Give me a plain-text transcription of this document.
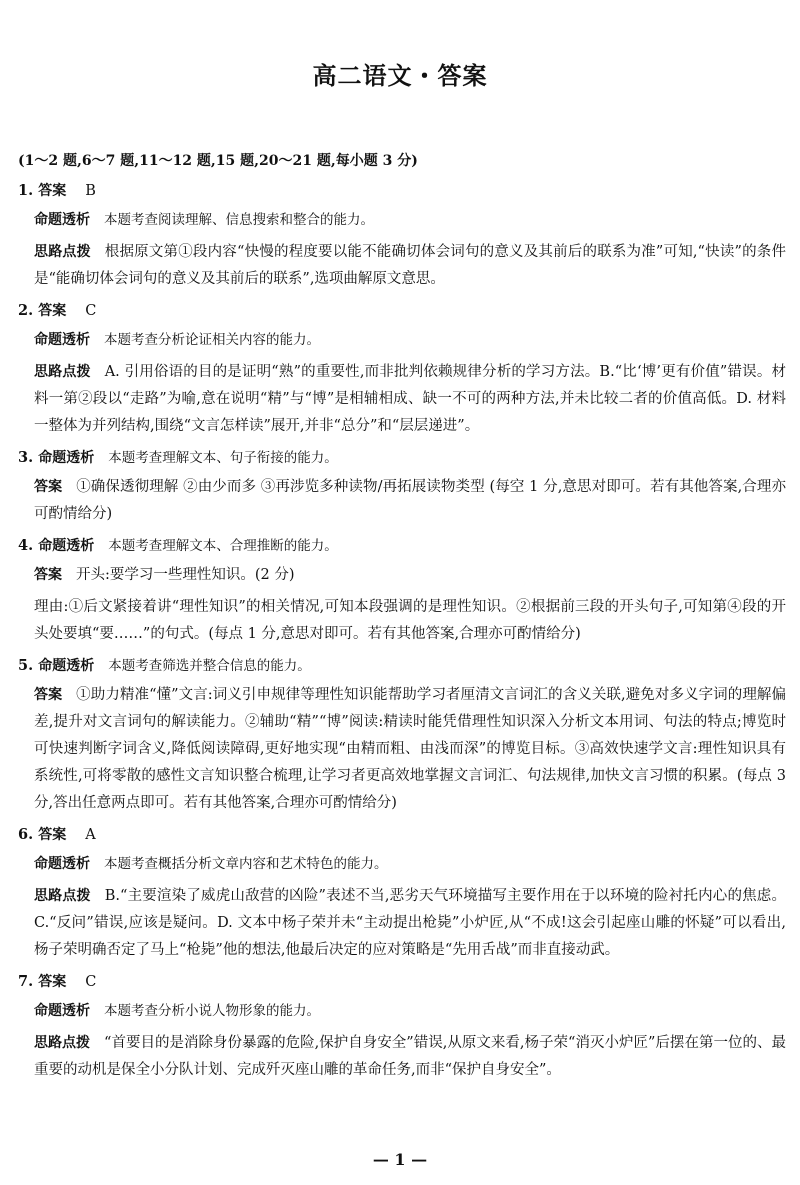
高二语文・答案
(1～2 题,6～7 题,11～12 题,15 题,20～21 题,每小题 3 分)
1. 答案 B
命题透析 本题考查阅读理解、信息搜索和整合的能力。
思路点拨 根据原文第①段内容“快慢的程度要以能不能确切体会词句的意义及其前后的联系为准”可知,“快读”的条件是“能确切体会词句的意义及其前后的联系”,选项曲解原文意思。
2. 答案 C
命题透析 本题考查分析论证相关内容的能力。
思路点拨 A. 引用俗语的目的是证明“熟”的重要性,而非批判依赖规律分析的学习方法。B.“比‘博’更有价值”错误。材料一第②段以“走路”为喻,意在说明“精”与“博”是相辅相成、缺一不可的两种方法,并未比较二者的价值高低。D. 材料一整体为并列结构,围绕“文言怎样读”展开,并非“总分”和“层层递进”。
3. 命题透析 本题考查理解文本、句子衔接的能力。
答案 ①确保透彻理解 ②由少而多 ③再涉览多种读物/再拓展读物类型 (每空 1 分,意思对即可。若有其他答案,合理亦可酌情给分)
4. 命题透析 本题考查理解文本、合理推断的能力。
答案 开头:要学习一些理性知识。(2 分)
理由:①后文紧接着讲“理性知识”的相关情况,可知本段强调的是理性知识。②根据前三段的开头句子,可知第④段的开头处要填“要……”的句式。(每点 1 分,意思对即可。若有其他答案,合理亦可酌情给分)
5. 命题透析 本题考查筛选并整合信息的能力。
答案 ①助力精准“懂”文言:词义引申规律等理性知识能帮助学习者厘清文言词汇的含义关联,避免对多义字词的理解偏差,提升对文言词句的解读能力。②辅助“精”“博”阅读:精读时能凭借理性知识深入分析文本用词、句法的特点;博览时可快速判断字词含义,降低阅读障碍,更好地实现“由精而粗、由浅而深”的博览目标。③高效快速学文言:理性知识具有系统性,可将零散的感性文言知识整合梳理,让学习者更高效地掌握文言词汇、句法规律,加快文言习惯的积累。(每点 3 分,答出任意两点即可。若有其他答案,合理亦可酌情给分)
6. 答案 A
命题透析 本题考查概括分析文章内容和艺术特色的能力。
思路点拨 B.“主要渲染了威虎山敌营的凶险”表述不当,恶劣天气环境描写主要作用在于以环境的险衬托内心的焦虑。C.“反问”错误,应该是疑问。D. 文本中杨子荣并未“主动提出枪毙”小炉匠,从“不成!这会引起座山雕的怀疑”可以看出,杨子荣明确否定了马上“枪毙”他的想法,他最后决定的应对策略是“先用舌战”而非直接动武。
7. 答案 C
命题透析 本题考查分析小说人物形象的能力。
思路点拨 “首要目的是消除身份暴露的危险,保护自身安全”错误,从原文来看,杨子荣“消灭小炉匠”后摆在第一位的、最重要的动机是保全小分队计划、完成歼灭座山雕的革命任务,而非“保护自身安全”。
— 1 —
